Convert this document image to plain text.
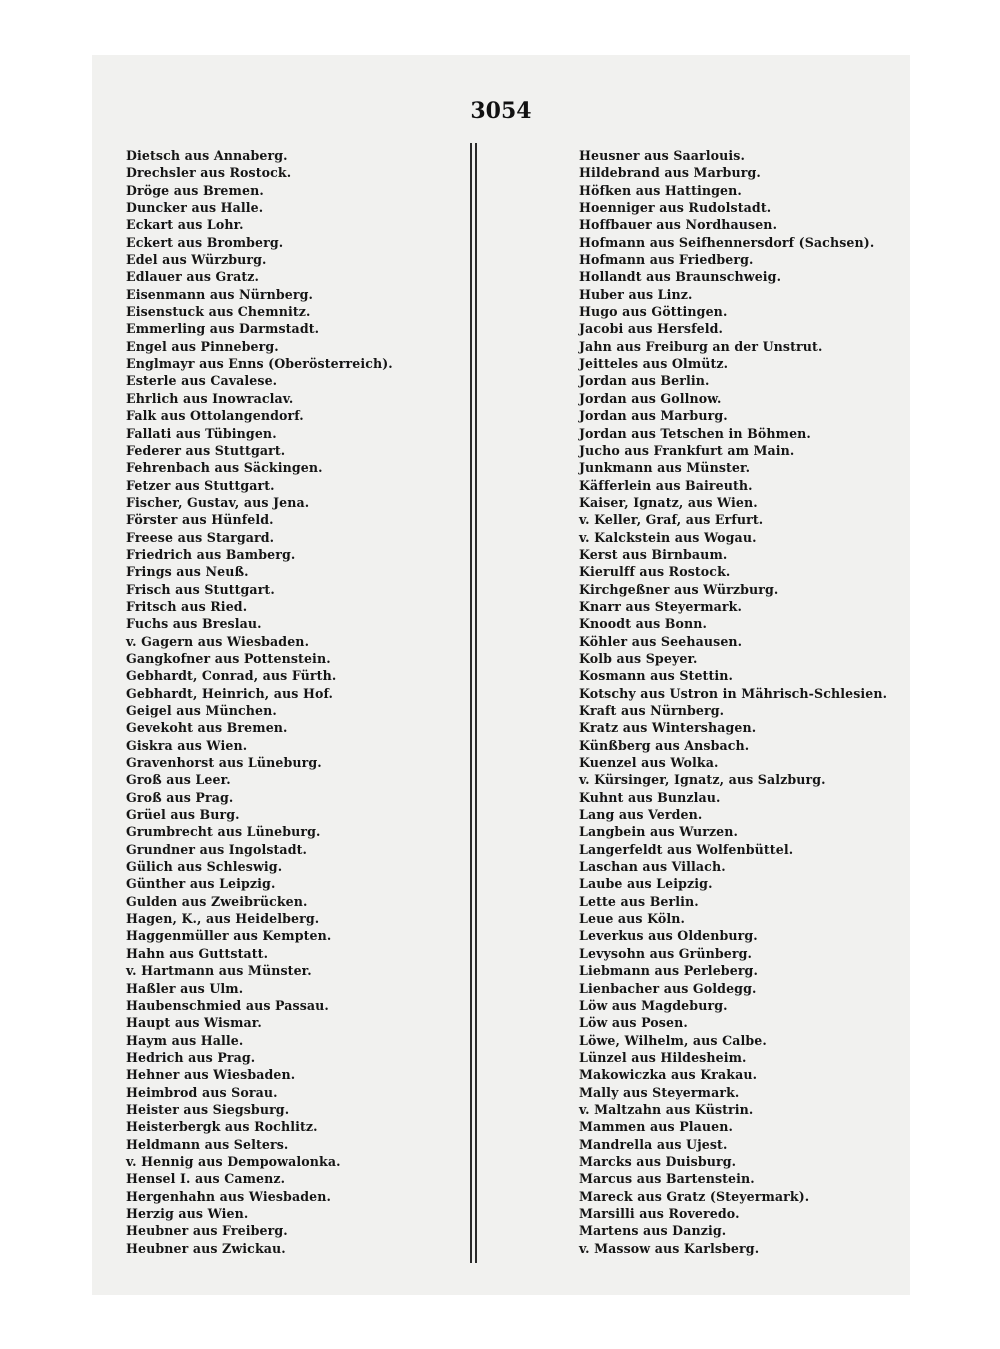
3054
Dietsch aus Annaberg.
Drechsler aus Rostock.
Dröge aus Bremen.
Duncker aus Halle.
Eckart aus Lohr.
Eckert aus Bromberg.
Edel aus Würzburg.
Edlauer aus Gratz.
Eisenmann aus Nürnberg.
Eisenstuck aus Chemnitz.
Emmerling aus Darmstadt.
Engel aus Pinneberg.
Englmayr aus Enns (Oberösterreich).
Esterle aus Cavalese.
Ehrlich aus Inowraclav.
Falk aus Ottolangendorf.
Fallati aus Tübingen.
Federer aus Stuttgart.
Fehrenbach aus Säckingen.
Fetzer aus Stuttgart.
Fischer, Gustav, aus Jena.
Förster aus Hünfeld.
Freese aus Stargard.
Friedrich aus Bamberg.
Frings aus Neuß.
Frisch aus Stuttgart.
Fritsch aus Ried.
Fuchs aus Breslau.
v. Gagern aus Wiesbaden.
Gangkofner aus Pottenstein.
Gebhardt, Conrad, aus Fürth.
Gebhardt, Heinrich, aus Hof.
Geigel aus München.
Gevekoht aus Bremen.
Giskra aus Wien.
Gravenhorst aus Lüneburg.
Groß aus Leer.
Groß aus Prag.
Grüel aus Burg.
Grumbrecht aus Lüneburg.
Grundner aus Ingolstadt.
Gülich aus Schleswig.
Günther aus Leipzig.
Gulden aus Zweibrücken.
Hagen, K., aus Heidelberg.
Haggenmüller aus Kempten.
Hahn aus Guttstatt.
v. Hartmann aus Münster.
Haßler aus Ulm.
Haubenschmied aus Passau.
Haupt aus Wismar.
Haym aus Halle.
Hedrich aus Prag.
Hehner aus Wiesbaden.
Heimbrod aus Sorau.
Heister aus Siegsburg.
Heisterbergk aus Rochlitz.
Heldmann aus Selters.
v. Hennig aus Dempowalonka.
Hensel I. aus Camenz.
Hergenhahn aus Wiesbaden.
Herzig aus Wien.
Heubner aus Freiberg.
Heubner aus Zwickau.
Heusner aus Saarlouis.
Hildebrand aus Marburg.
Höfken aus Hattingen.
Hoenniger aus Rudolstadt.
Hoffbauer aus Nordhausen.
Hofmann aus Seifhennersdorf (Sachsen).
Hofmann aus Friedberg.
Hollandt aus Braunschweig.
Huber aus Linz.
Hugo aus Göttingen.
Jacobi aus Hersfeld.
Jahn aus Freiburg an der Unstrut.
Jeitteles aus Olmütz.
Jordan aus Berlin.
Jordan aus Gollnow.
Jordan aus Marburg.
Jordan aus Tetschen in Böhmen.
Jucho aus Frankfurt am Main.
Junkmann aus Münster.
Käfferlein aus Baireuth.
Kaiser, Ignatz, aus Wien.
v. Keller, Graf, aus Erfurt.
v. Kalckstein aus Wogau.
Kerst aus Birnbaum.
Kierulff aus Rostock.
Kirchgeßner aus Würzburg.
Knarr aus Steyermark.
Knoodt aus Bonn.
Köhler aus Seehausen.
Kolb aus Speyer.
Kosmann aus Stettin.
Kotschy aus Ustron in Mährisch-Schlesien.
Kraft aus Nürnberg.
Kratz aus Wintershagen.
Künßberg aus Ansbach.
Kuenzel aus Wolka.
v. Kürsinger, Ignatz, aus Salzburg.
Kuhnt aus Bunzlau.
Lang aus Verden.
Langbein aus Wurzen.
Langerfeldt aus Wolfenbüttel.
Laschan aus Villach.
Laube aus Leipzig.
Lette aus Berlin.
Leue aus Köln.
Leverkus aus Oldenburg.
Levysohn aus Grünberg.
Liebmann aus Perleberg.
Lienbacher aus Goldegg.
Löw aus Magdeburg.
Löw aus Posen.
Löwe, Wilhelm, aus Calbe.
Lünzel aus Hildesheim.
Makowiczka aus Krakau.
Mally aus Steyermark.
v. Maltzahn aus Küstrin.
Mammen aus Plauen.
Mandrella aus Ujest.
Marcks aus Duisburg.
Marcus aus Bartenstein.
Mareck aus Gratz (Steyermark).
Marsilli aus Roveredo.
Martens aus Danzig.
v. Massow aus Karlsberg.
